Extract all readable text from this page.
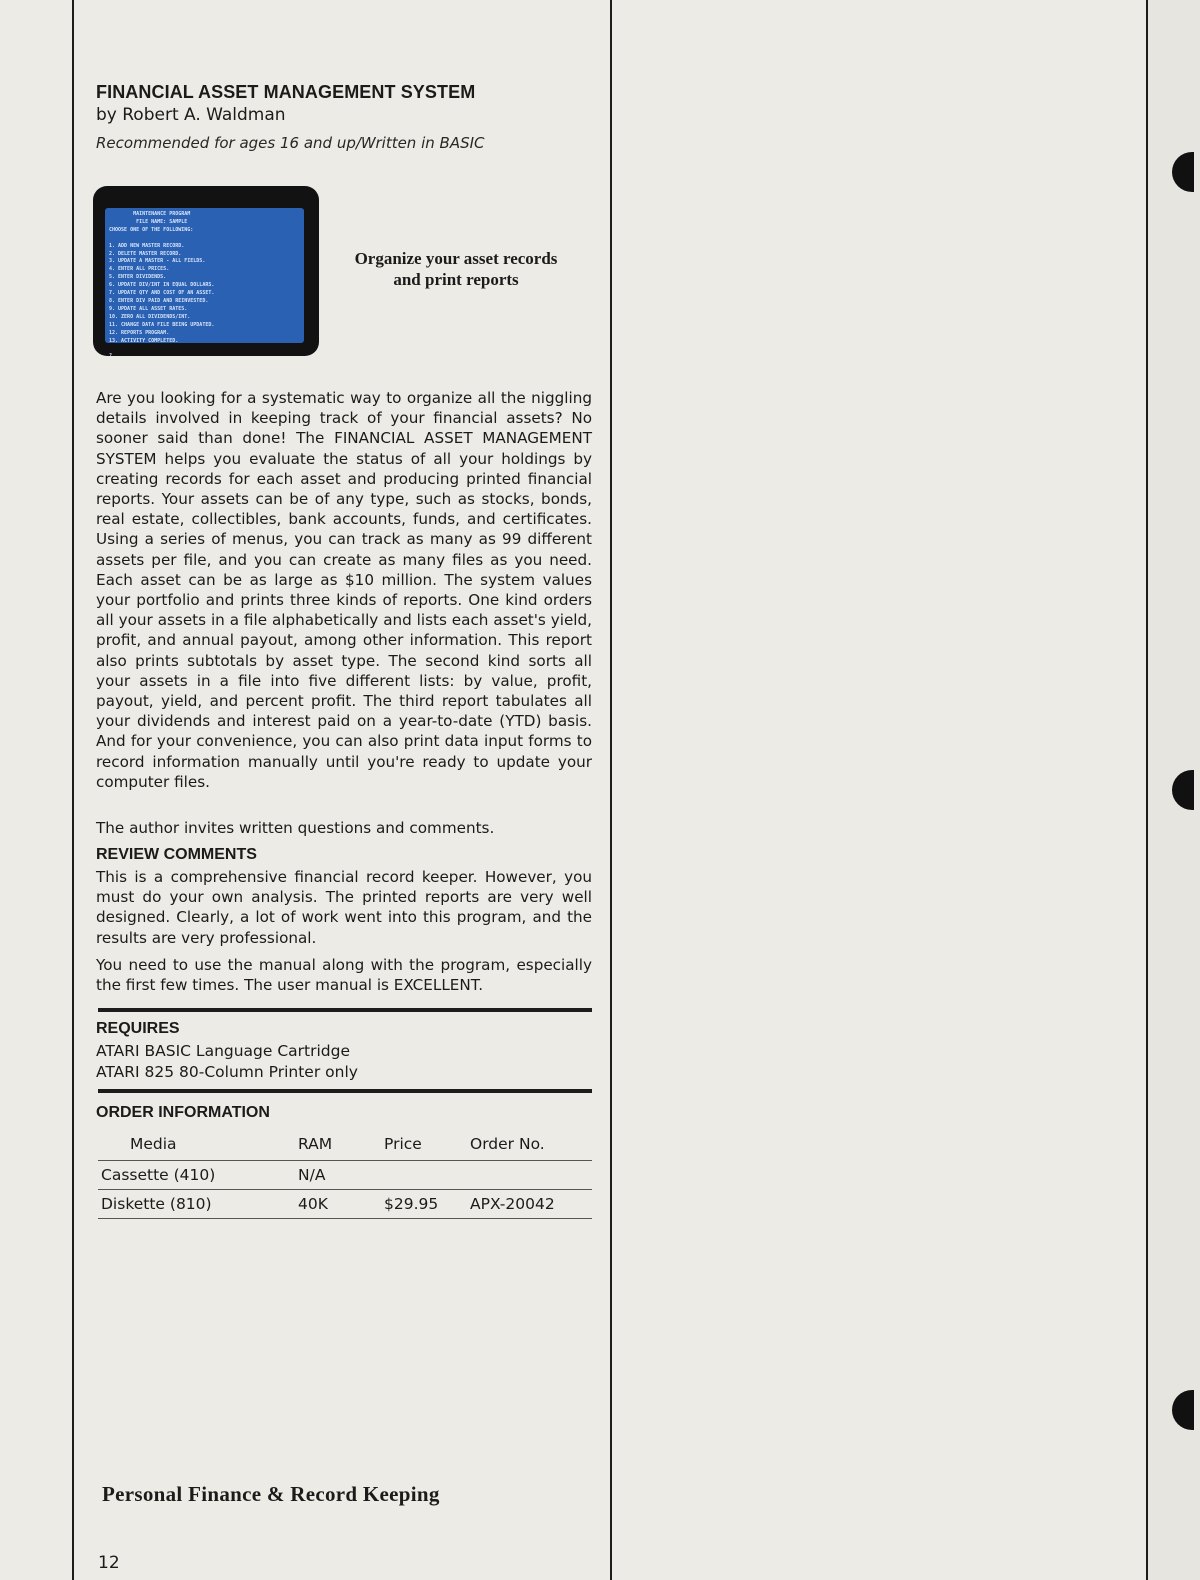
FINANCIAL ASSET MANAGEMENT SYSTEM
by Robert A. Waldman
Recommended for ages 16 and up/Written in BASIC
MAINTENANCE PROGRAM
FILE NAME: SAMPLE
CHOOSE ONE OF THE FOLLOWING:

1. ADD NEW MASTER RECORD.
2. DELETE MASTER RECORD.
3. UPDATE A MASTER - ALL FIELDS.
4. ENTER ALL PRICES.
5. ENTER DIVIDENDS.
6. UPDATE DIV/INT IN EQUAL DOLLARS.
7. UPDATE QTY AND COST OF AN ASSET.
8. ENTER DIV PAID AND REINVESTED.
9. UPDATE ALL ASSET RATES.
10. ZERO ALL DIVIDENDS/INT.
11. CHANGE DATA FILE BEING UPDATED.
12. REPORTS PROGRAM.
13. ACTIVITY COMPLETED.

?
Organize your asset records and print reports
Are you looking for a systematic way to organize all the niggling details involved in keeping track of your financial assets? No sooner said than done! The FINANCIAL ASSET MANAGEMENT SYSTEM helps you evaluate the status of all your holdings by creating records for each asset and producing printed financial reports. Your assets can be of any type, such as stocks, bonds, real estate, collectibles, bank accounts, funds, and certificates. Using a series of menus, you can track as many as 99 different assets per file, and you can create as many files as you need. Each asset can be as large as $10 million. The system values your portfolio and prints three kinds of reports. One kind orders all your assets in a file alphabetically and lists each asset's yield, profit, and annual payout, among other information. This report also prints subtotals by asset type. The second kind sorts all your assets in a file into five different lists: by value, profit, payout, yield, and percent profit. The third report tabulates all your dividends and interest paid on a year-to-date (YTD) basis. And for your convenience, you can also print data input forms to record information manually until you're ready to update your computer files.
The author invites written questions and comments.
REVIEW COMMENTS
This is a comprehensive financial record keeper. However, you must do your own analysis. The printed reports are very well designed. Clearly, a lot of work went into this program, and the results are very professional.
You need to use the manual along with the program, especially the first few times. The user manual is EXCELLENT.
REQUIRES
ATARI BASIC Language Cartridge
ATARI 825 80-Column Printer only
ORDER INFORMATION
Media	RAM	Price	Order No.
Cassette (410)	N/A
Diskette (810)	40K	$29.95 APX-20042
Personal Finance & Record Keeping
12
